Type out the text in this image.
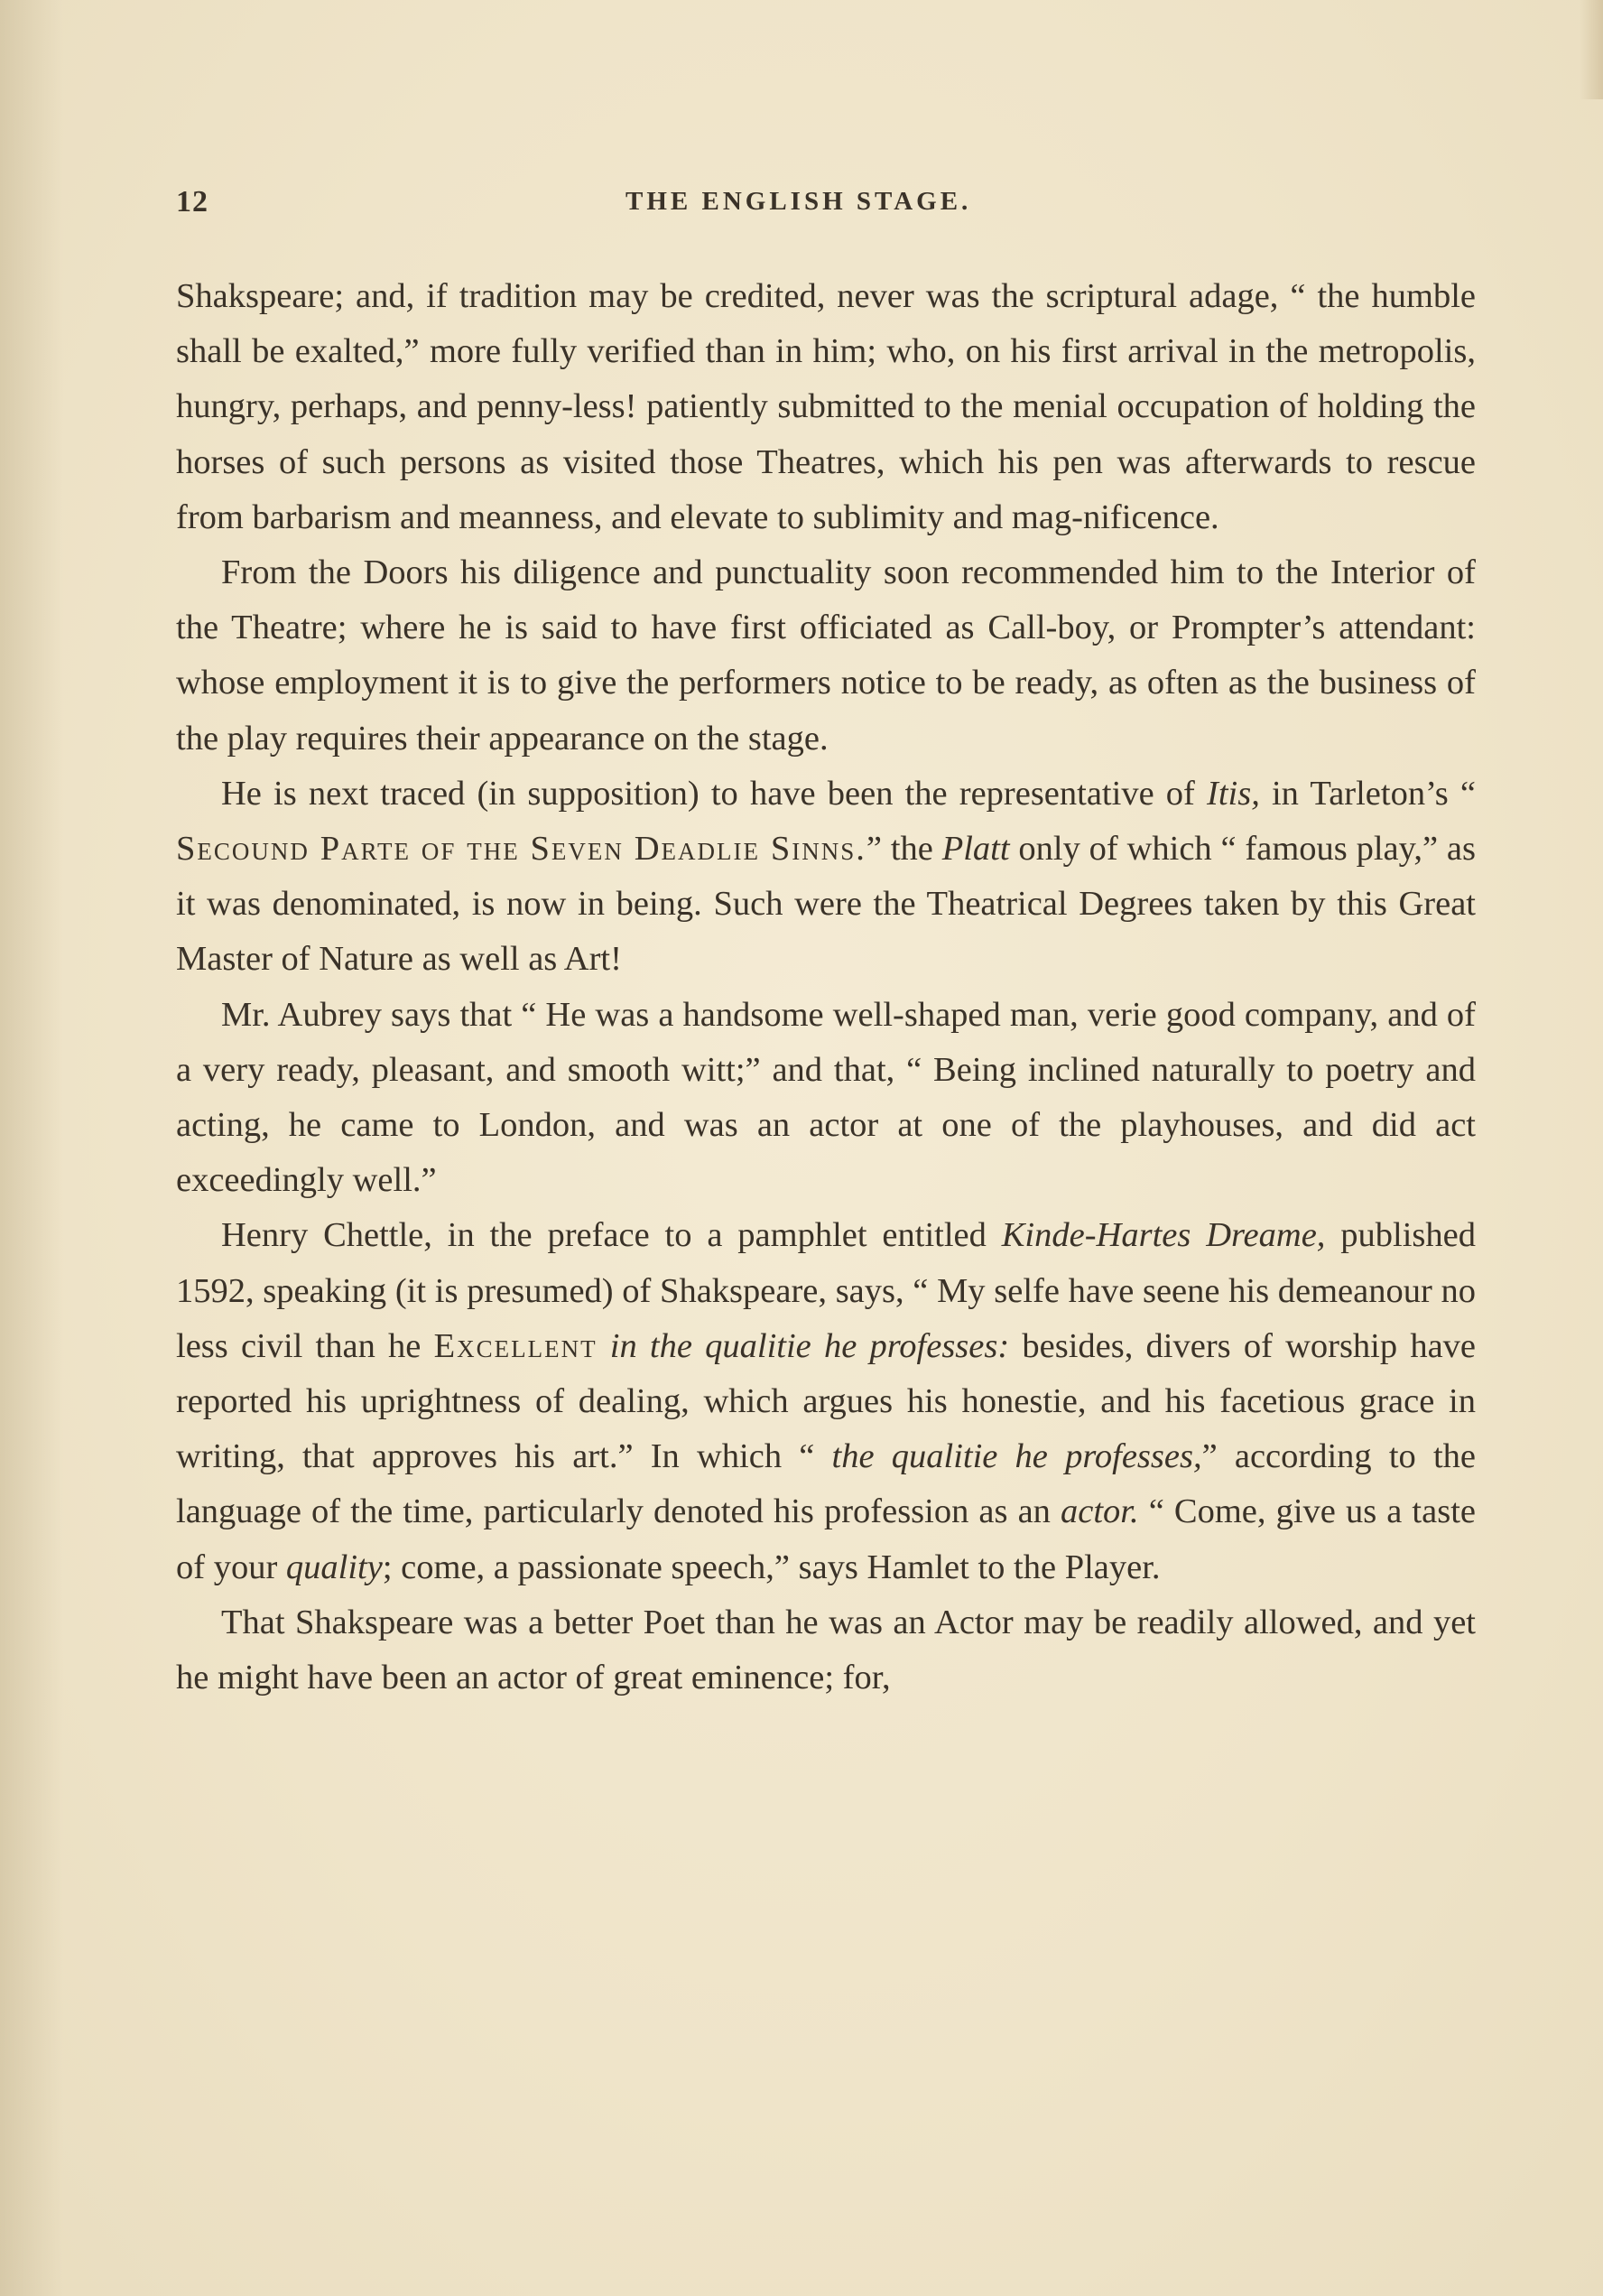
12	THE ENGLISH STAGE.

Shakspeare; and, if tradition may be credited, never was the scriptural adage, “ the humble shall be exalted,” more fully verified than in him; who, on his first arrival in the metropolis, hungry, perhaps, and penny-less! patiently submitted to the menial occupation of holding the horses of such persons as visited those Theatres, which his pen was afterwards to rescue from barbarism and meanness, and elevate to sublimity and mag-nificence.

From the Doors his diligence and punctuality soon recommended him to the Interior of the Theatre; where he is said to have first officiated as Call-boy, or Prompter’s attendant: whose employment it is to give the performers notice to be ready, as often as the business of the play requires their appearance on the stage.

He is next traced (in supposition) to have been the representative of Itis, in Tarleton’s “ Secound Parte of the Seven Deadlie Sinns.” the Platt only of which “ famous play,” as it was denominated, is now in being. Such were the Theatrical Degrees taken by this Great Master of Nature as well as Art!

Mr. Aubrey says that “ He was a handsome well-shaped man, verie good company, and of a very ready, pleasant, and smooth witt;” and that, “ Being inclined naturally to poetry and acting, he came to London, and was an actor at one of the playhouses, and did act exceedingly well.”

Henry Chettle, in the preface to a pamphlet entitled Kinde-Hartes Dreame, published 1592, speaking (it is presumed) of Shakspeare, says, “ My selfe have seene his demeanour no less civil than he Excellent in the qualitie he professes: besides, divers of worship have reported his uprightness of dealing, which argues his honestie, and his facetious grace in writing, that approves his art.” In which “ the qualitie he professes,” according to the language of the time, particularly denoted his profession as an actor. “ Come, give us a taste of your quality; come, a passionate speech,” says Hamlet to the Player.

That Shakspeare was a better Poet than he was an Actor may be readily allowed, and yet he might have been an actor of great eminence; for,
